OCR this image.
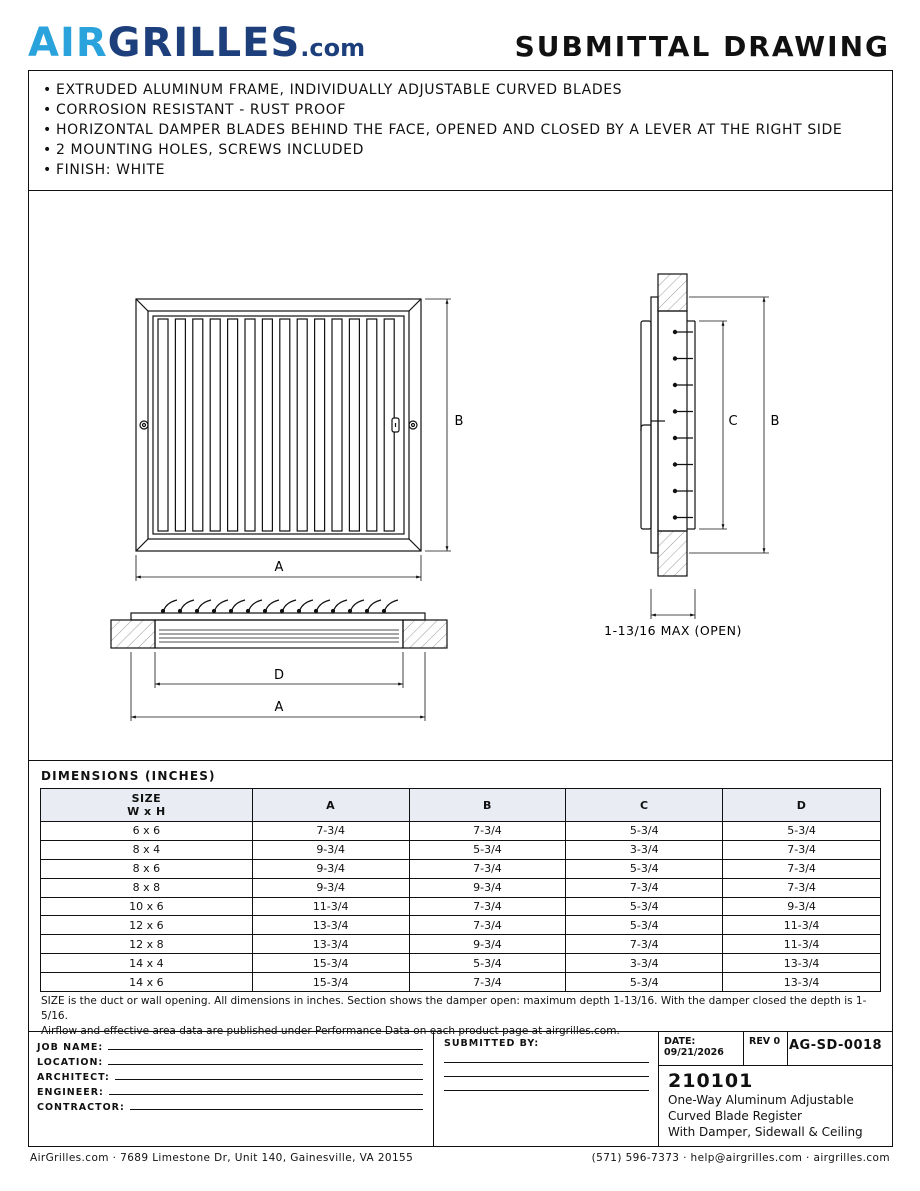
AIRGRILLES.com	SUBMITTAL DRAWING
• EXTRUDED ALUMINUM FRAME, INDIVIDUALLY ADJUSTABLE CURVED BLADES
• CORROSION RESISTANT - RUST PROOF
• HORIZONTAL DAMPER BLADES BEHIND THE FACE, OPENED AND CLOSED BY A LEVER AT THE RIGHT SIDE
• 2 MOUNTING HOLES, SCREWS INCLUDED
• FINISH: WHITE
A
B
D
A
C	B
1-13/16 MAX (OPEN)
DIMENSIONS (INCHES)
SIZE
W x H	A	B	C	D
6 x 6	7-3/4	7-3/4	5-3/4	5-3/4
8 x 4	9-3/4	5-3/4	3-3/4	7-3/4
8 x 6	9-3/4	7-3/4	5-3/4	7-3/4
8 x 8	9-3/4	9-3/4	7-3/4	7-3/4
10 x 6	11-3/4	7-3/4	5-3/4	9-3/4
12 x 6	13-3/4	7-3/4	5-3/4	11-3/4
12 x 8	13-3/4	9-3/4	7-3/4	11-3/4
14 x 4	15-3/4	5-3/4	3-3/4	13-3/4
14 x 6	15-3/4	7-3/4	5-3/4	13-3/4
SIZE is the duct or wall opening. All dimensions in inches. Section shows the damper open: maximum depth 1-13/16. With the damper closed the depth is 1-5/16.
Airflow and effective area data are published under Performance Data on each product page at airgrilles.com.
JOB NAME:
LOCATION:
ARCHITECT:
ENGINEER:
CONTRACTOR:
SUBMITTED BY:	DATE:
09/21/2026
REV 0 AG-SD-0018
210101
One-Way Aluminum Adjustable
Curved Blade Register
With Damper, Sidewall & Ceiling
AirGrilles.com · 7689 Limestone Dr, Unit 140, Gainesville, VA 20155	(571) 596-7373 · help@airgrilles.com · airgrilles.com
